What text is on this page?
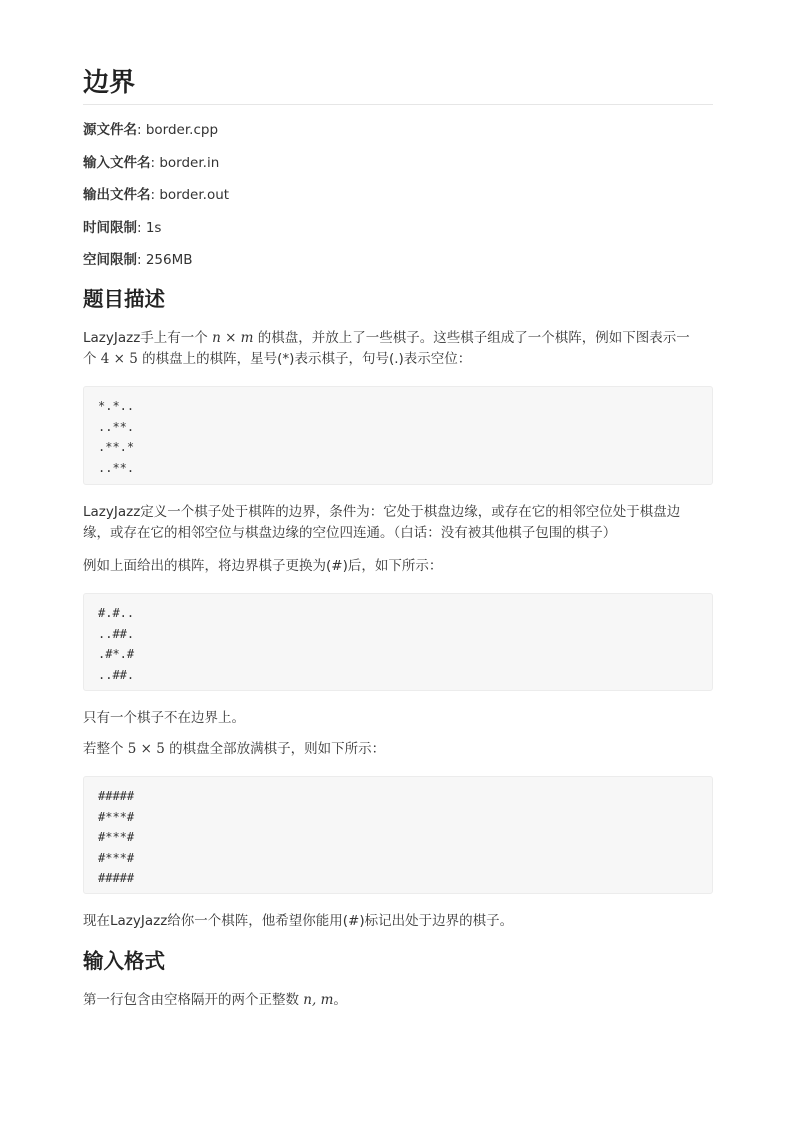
边界

源文件名: border.cpp

输入文件名: border.in

输出文件名: border.out

时间限制: 1s

空间限制: 256MB

题目描述

LazyJazz手上有一个 n × m 的棋盘，并放上了一些棋子。这些棋子组成了一个棋阵，例如下图表示一
个 4 × 5 的棋盘上的棋阵，星号(*)表示棋子，句号(.)表示空位：

*.*..
..**.
.**.*
..**.

LazyJazz定义一个棋子处于棋阵的边界，条件为：它处于棋盘边缘，或存在它的相邻空位处于棋盘边
缘，或存在它的相邻空位与棋盘边缘的空位四连通。（白话：没有被其他棋子包围的棋子）

例如上面给出的棋阵，将边界棋子更换为(#)后，如下所示：

#.#..
..##.
.#*.#
..##.

只有一个棋子不在边界上。

若整个 5 × 5 的棋盘全部放满棋子，则如下所示：

#####
#***#
#***#
#***#
#####

现在LazyJazz给你一个棋阵，他希望你能用(#)标记出处于边界的棋子。

输入格式

第一行包含由空格隔开的两个正整数 n, m。
